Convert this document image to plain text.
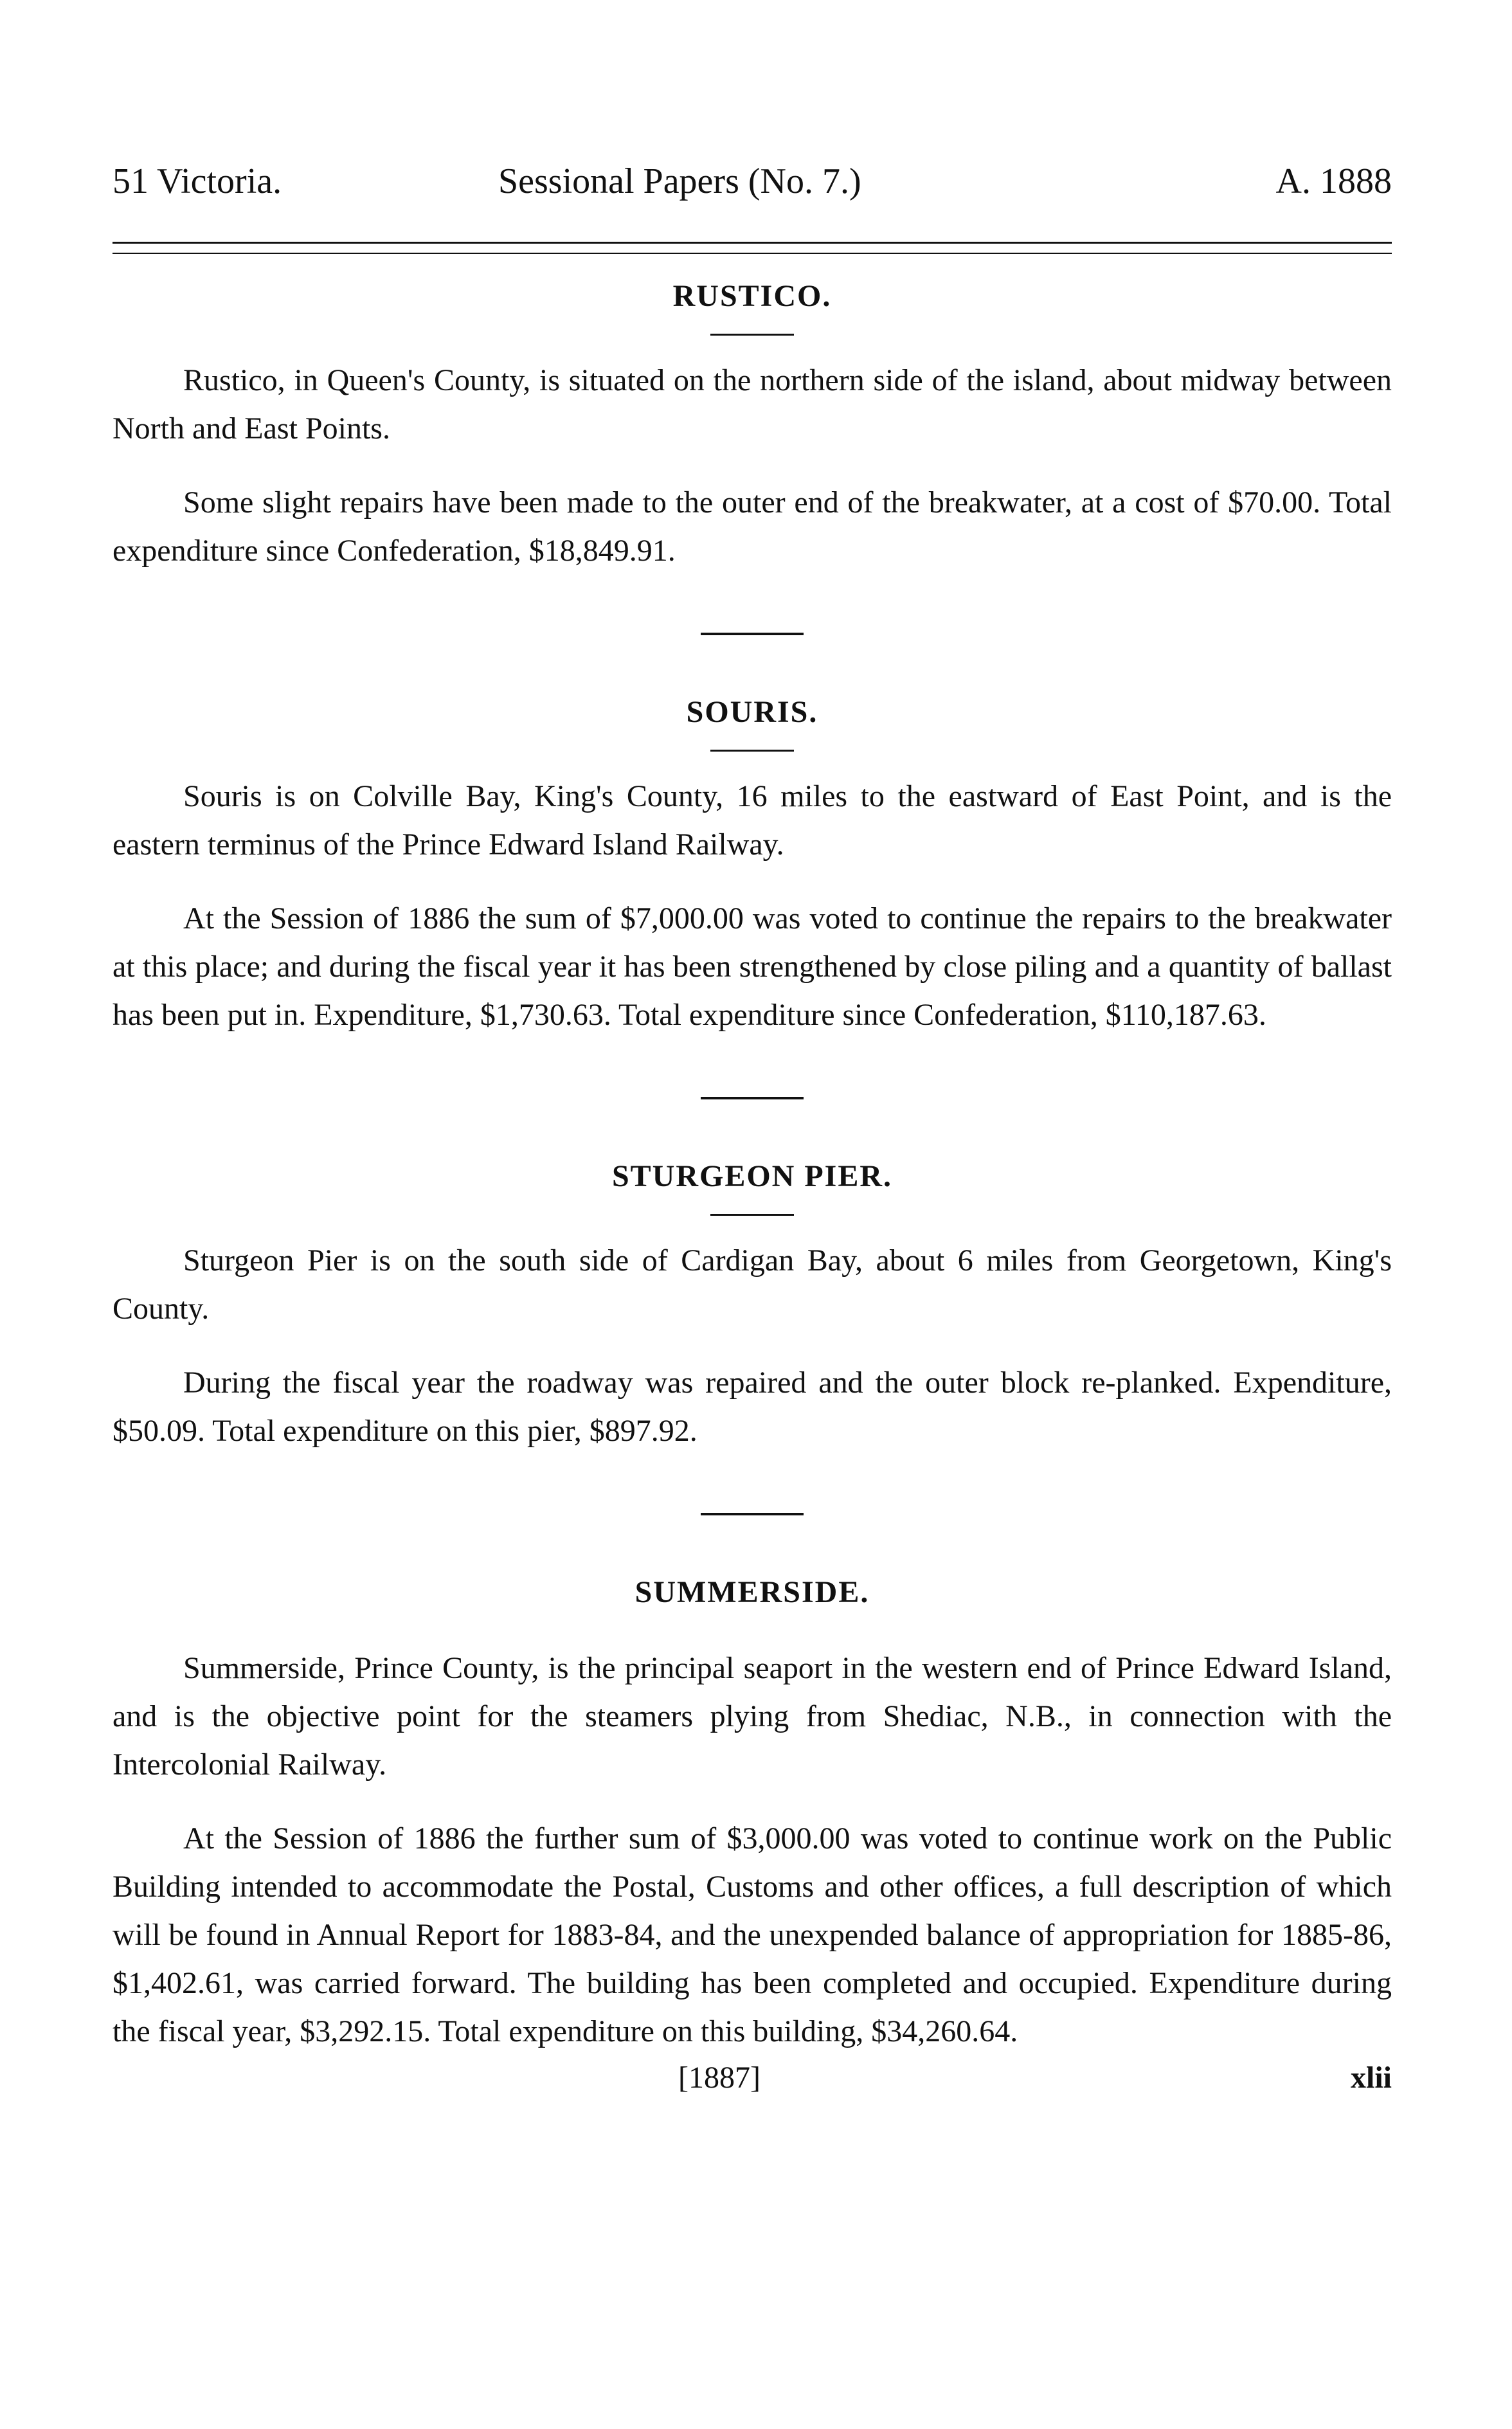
51 Victoria.	Sessional Papers (No. 7.)	A. 1888
RUSTICO.

Rustico, in Queen's County, is situated on the northern side of the island, about midway between North and East Points.

Some slight repairs have been made to the outer end of the breakwater, at a cost of $70.00. Total expenditure since Confederation, $18,849.91.

SOURIS.

Souris is on Colville Bay, King's County, 16 miles to the eastward of East Point, and is the eastern terminus of the Prince Edward Island Railway.

At the Session of 1886 the sum of $7,000.00 was voted to continue the repairs to the breakwater at this place; and during the fiscal year it has been strengthened by close piling and a quantity of ballast has been put in. Expenditure, $1,730.63. Total expenditure since Confederation, $110,187.63.

STURGEON PIER.

Sturgeon Pier is on the south side of Cardigan Bay, about 6 miles from Georgetown, King's County.

During the fiscal year the roadway was repaired and the outer block re-planked. Expenditure, $50.09. Total expenditure on this pier, $897.92.

SUMMERSIDE.

Summerside, Prince County, is the principal seaport in the western end of Prince Edward Island, and is the objective point for the steamers plying from Shediac, N.B., in connection with the Intercolonial Railway.

At the Session of 1886 the further sum of $3,000.00 was voted to continue work on the Public Building intended to accommodate the Postal, Customs and other offices, a full description of which will be found in Annual Report for 1883-84, and the unexpended balance of appropriation for 1885-86, $1,402.61, was carried forward. The building has been completed and occupied. Expenditure during the fiscal year, $3,292.15. Total expenditure on this building, $34,260.64.

[1887]	xlii
